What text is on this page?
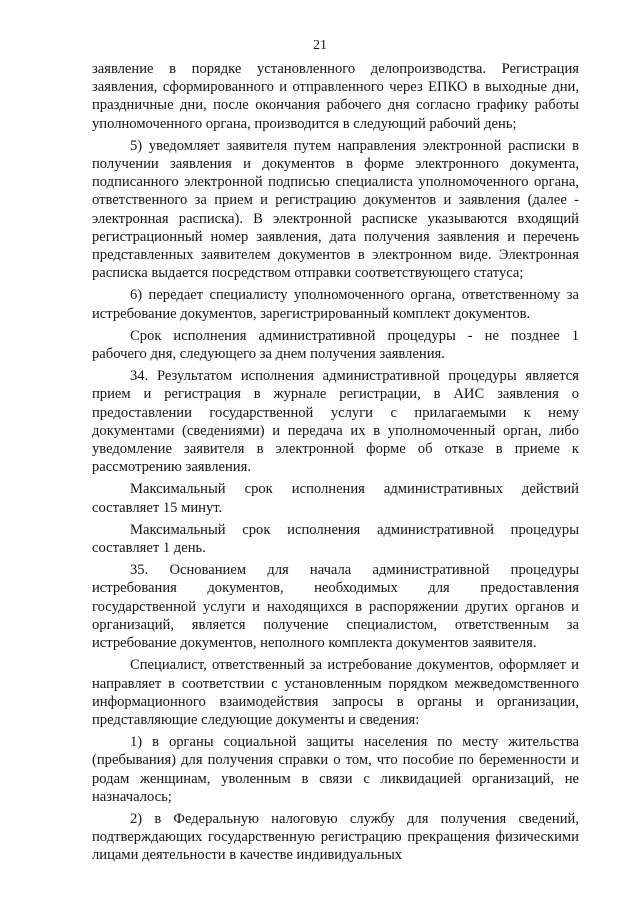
21

заявление в порядке установленного делопроизводства. Регистрация заявления, сформированного и отправленного через ЕПКО в выходные дни, праздничные дни, после окончания рабочего дня согласно графику работы уполномоченного органа, производится в следующий рабочий день;

5) уведомляет заявителя путем направления электронной расписки в получении заявления и документов в форме электронного документа, подписанного электронной подписью специалиста уполномоченного органа, ответственного за прием и регистрацию документов и заявления (далее - электронная расписка). В электронной расписке указываются входящий регистрационный номер заявления, дата получения заявления и перечень представленных заявителем документов в электронном виде. Электронная расписка выдается посредством отправки соответствующего статуса;

6) передает специалисту уполномоченного органа, ответственному за истребование документов, зарегистрированный комплект документов.

Срок исполнения административной процедуры - не позднее 1 рабочего дня, следующего за днем получения заявления.

34. Результатом исполнения административной процедуры является прием и регистрация в журнале регистрации, в АИС заявления о предоставлении государственной услуги с прилагаемыми к нему документами (сведениями) и передача их в уполномоченный орган, либо уведомление заявителя в электронной форме об отказе в приеме к рассмотрению заявления.

Максимальный срок исполнения административных действий составляет 15 минут.

Максимальный срок исполнения административной процедуры составляет 1 день.

35. Основанием для начала административной процедуры истребования документов, необходимых для предоставления государственной услуги и находящихся в распоряжении других органов и организаций, является получение специалистом, ответственным за истребование документов, неполного комплекта документов заявителя.

Специалист, ответственный за истребование документов, оформляет и направляет в соответствии с установленным порядком межведомственного информационного взаимодействия запросы в органы и организации, представляющие следующие документы и сведения:

1) в органы социальной защиты населения по месту жительства (пребывания) для получения справки о том, что пособие по беременности и родам женщинам, уволенным в связи с ликвидацией организаций, не назначалось;

2) в Федеральную налоговую службу для получения сведений, подтверждающих государственную регистрацию прекращения физическими лицами деятельности в качестве индивидуальных
